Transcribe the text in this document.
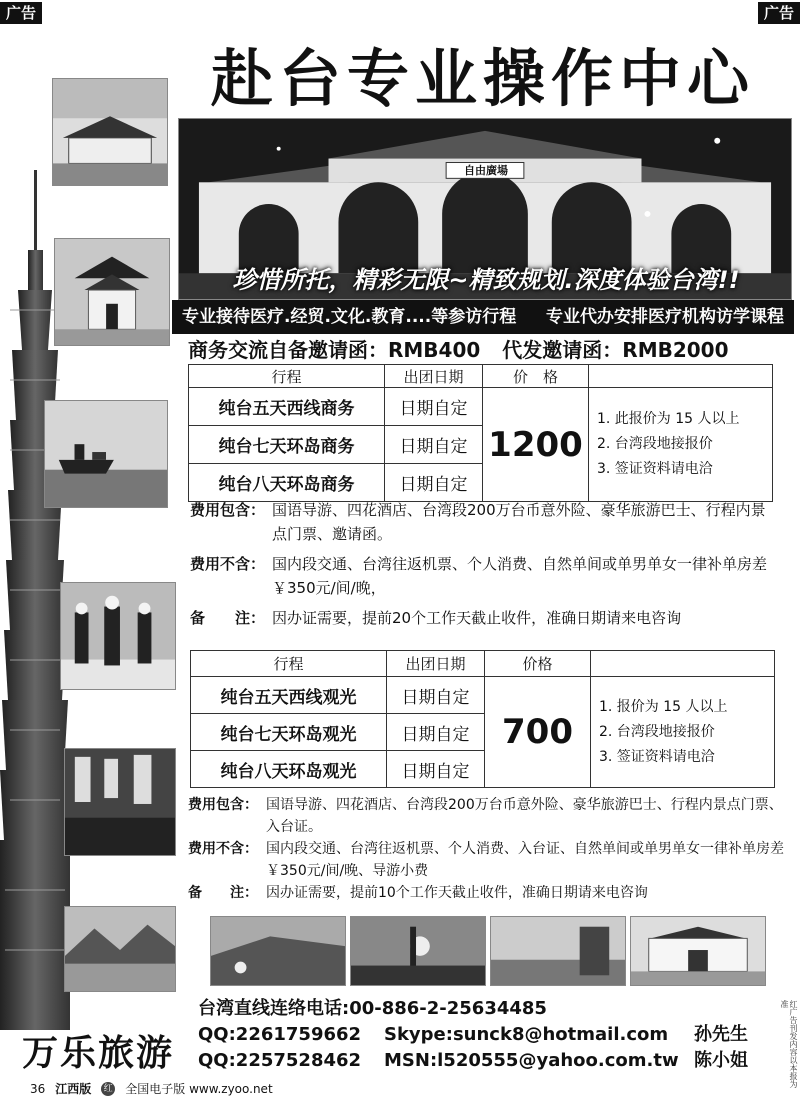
广告	广告
赴台专业操作中心
自由廣場
珍惜所托，精彩无限~精致规划.深度体验台湾!!
专业接待医疗.经贸.文化.教育....等参访行程 专业代办安排医疗机构访学课程
商务交流自备邀请函：RMB400 代发邀请函：RMB2000
行程	出团日期	价　格	
纯台五天西线商务	日期自定	1200	1. 此报价为 15 人以上
2. 台湾段地接报价
3. 签证资料请电洽

纯台七天环岛商务	日期自定		
纯台八天环岛商务	日期自定		
费用包含： 国语导游、四花酒店、台湾段200万台币意外险、豪华旅游巴士、行程内景点门票、邀请函。
费用不含： 国内段交通、台湾往返机票、个人消费、自然单间或单男单女一律补单房差￥350元/间/晚，
备　　注： 因办证需要，提前20个工作天截止收件，准确日期请来电咨询
行程	出团日期	价格	
纯台五天西线观光	日期自定	700	1. 报价为 15 人以上
2. 台湾段地接报价
3. 签证资料请电洽

纯台七天环岛观光	日期自定		
纯台八天环岛观光	日期自定		
费用包含： 国语导游、四花酒店、台湾段200万台币意外险、豪华旅游巴士、行程内景点门票、入台证。
费用不含： 国内段交通、台湾往返机票、个人消费、入台证、自然单间或单男单女一律补单房差￥350元/间/晚、导游小费
备　　注： 因办证需要，提前10个工作天截止收件，准确日期请来电咨询
台湾直线连络电话:00-886-2-25634485
QQ:2261759662	Skype:sunck8@hotmail.com	孙先生
QQ:2257528462	MSN:l520555@yahoo.com.tw 陈小姐
万乐旅游
36 江西版 红 全国电子版 www.zyoo.net
红广告刊发内容以本报为准
